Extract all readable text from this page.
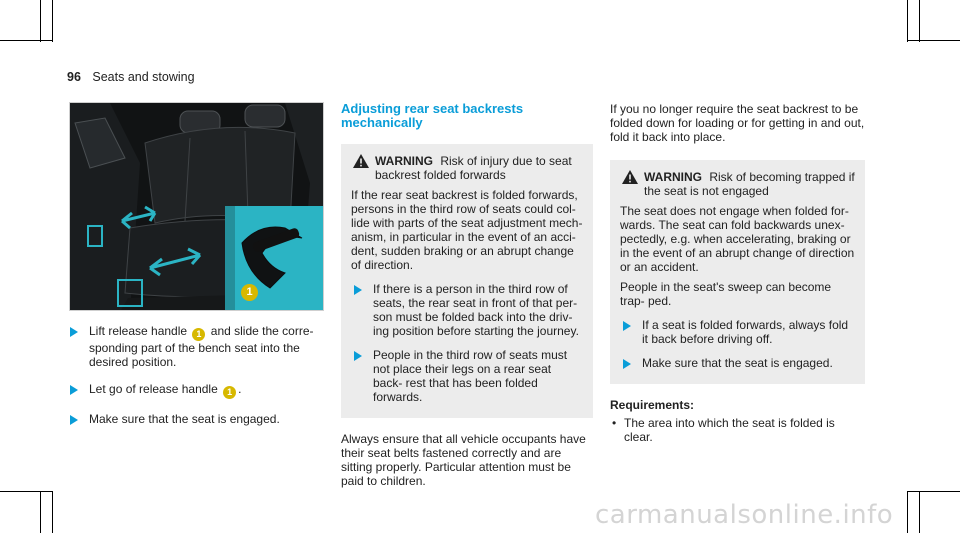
96 Seats and stowing
1
Lift release handle 1 and slide the corre- sponding part of the bench seat into the desired position.
Let go of release handle 1 .
Make sure that the seat is engaged.
Adjusting rear seat backrests mechanically
WARNING Risk of injury due to seat backrest folded forwards
If the rear seat backrest is folded forwards, persons in the third row of seats could col- lide with parts of the seat adjustment mech- anism, in particular in the event of an acci- dent, sudden braking or an abrupt change of direction.
If there is a person in the third row of seats, the rear seat in front of that per- son must be folded back into the driv- ing position before starting the journey.
People in the third row of seats must not place their legs on a rear seat back- rest that has been folded forwards.

Always ensure that all vehicle occupants have their seat belts fastened correctly and are sitting properly. Particular attention must be paid to children.

If you no longer require the seat backrest to be folded down for loading or for getting in and out, fold it back into place.

WARNING Risk of becoming trapped if the seat is not engaged
The seat does not engage when folded for- wards. The seat can fold backwards unex- pectedly, e.g. when accelerating, braking or in the event of an abrupt change of direction or an accident.
People in the seat's sweep can become trap- ped.
If a seat is folded forwards, always fold it back before driving off.
Make sure that the seat is engaged.
Requirements:
• The area into which the seat is folded is clear.
carmanualsonline.info
